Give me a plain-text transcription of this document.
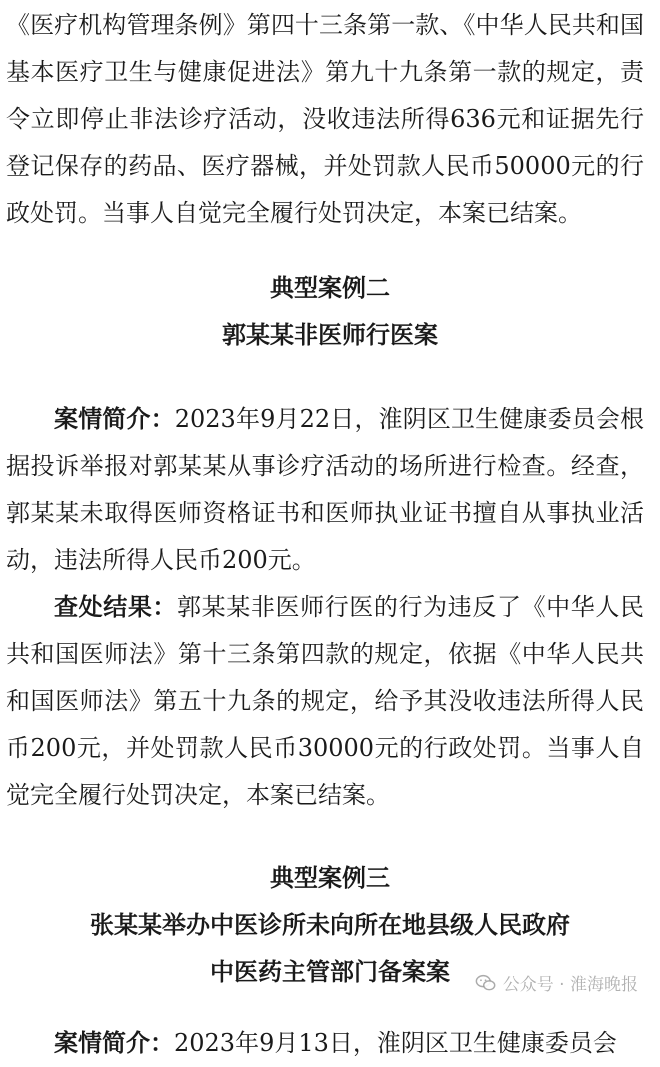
《医疗机构管理条例》第四十三条第一款、《中华人民共和国基本医疗卫生与健康促进法》第九十九条第一款的规定，责令立即停止非法诊疗活动，没收违法所得636元和证据先行登记保存的药品、医疗器械，并处罚款人民币50000元的行政处罚。当事人自觉完全履行处罚决定，本案已结案。

典型案例二
郭某某非医师行医案

案情简介：2023年9月22日，淮阴区卫生健康委员会根据投诉举报对郭某某从事诊疗活动的场所进行检查。经查，郭某某未取得医师资格证书和医师执业证书擅自从事执业活动，违法所得人民币200元。

查处结果：郭某某非医师行医的行为违反了《中华人民共和国医师法》第十三条第四款的规定，依据《中华人民共和国医师法》第五十九条的规定，给予其没收违法所得人民币200元，并处罚款人民币30000元的行政处罚。当事人自觉完全履行处罚决定，本案已结案。

典型案例三
张某某举办中医诊所未向所在地县级人民政府
中医药主管部门备案案

案情简介：2023年9月13日，淮阴区卫生健康委员会

公众号 · 淮海晚报
